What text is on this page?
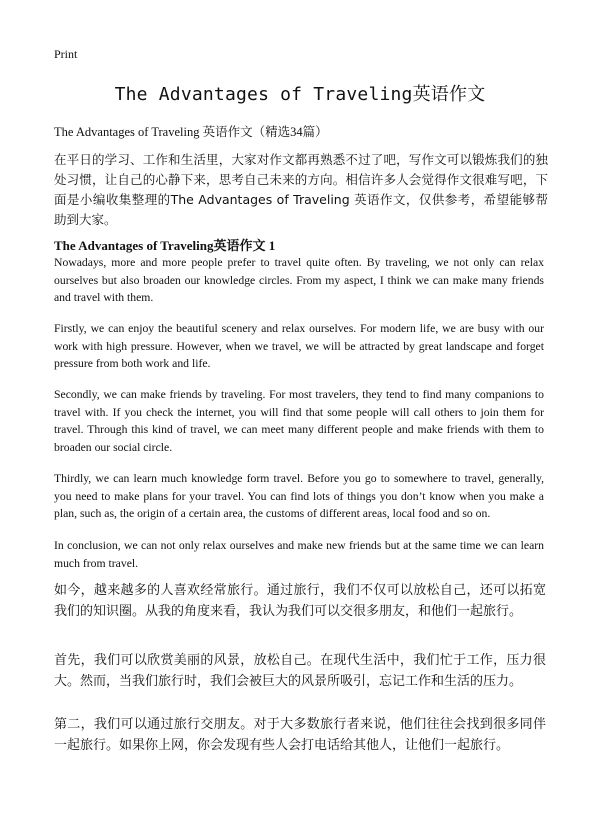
Print
The Advantages of Traveling英语作文
The Advantages of Traveling 英语作文（精选34篇）
在平日的学习、工作和生活里，大家对作文都再熟悉不过了吧，写作文可以锻炼我们的独处习惯，让自己的心静下来，思考自己未来的方向。相信许多人会觉得作文很难写吧，下面是小编收集整理的The Advantages of Traveling 英语作文，仅供参考，希望能够帮助到大家。
The Advantages of Traveling英语作文 1

Nowadays, more and more people prefer to travel quite often. By traveling, we not only can relax ourselves but also broaden our knowledge circles. From my aspect, I think we can make many friends and travel with them.

Firstly, we can enjoy the beautiful scenery and relax ourselves. For modern life, we are busy with our work with high pressure. However, when we travel, we will be attracted by great landscape and forget pressure from both work and life.

Secondly, we can make friends by traveling. For most travelers, they tend to find many companions to travel with. If you check the internet, you will find that some people will call others to join them for travel. Through this kind of travel, we can meet many different people and make friends with them to broaden our social circle.

Thirdly, we can learn much knowledge form travel. Before you go to somewhere to travel, generally, you need to make plans for your travel. You can find lots of things you don’t know when you make a plan, such as, the origin of a certain area, the customs of different areas, local food and so on.

In conclusion, we can not only relax ourselves and make new friends but at the same time we can learn much from travel.

如今，越来越多的人喜欢经常旅行。通过旅行，我们不仅可以放松自己，还可以拓宽我们的知识圈。从我的角度来看，我认为我们可以交很多朋友，和他们一起旅行。

首先，我们可以欣赏美丽的风景，放松自己。在现代生活中，我们忙于工作，压力很大。然而，当我们旅行时，我们会被巨大的风景所吸引，忘记工作和生活的压力。

第二，我们可以通过旅行交朋友。对于大多数旅行者来说，他们往往会找到很多同伴一起旅行。如果你上网，你会发现有些人会打电话给其他人，让他们一起旅行。
